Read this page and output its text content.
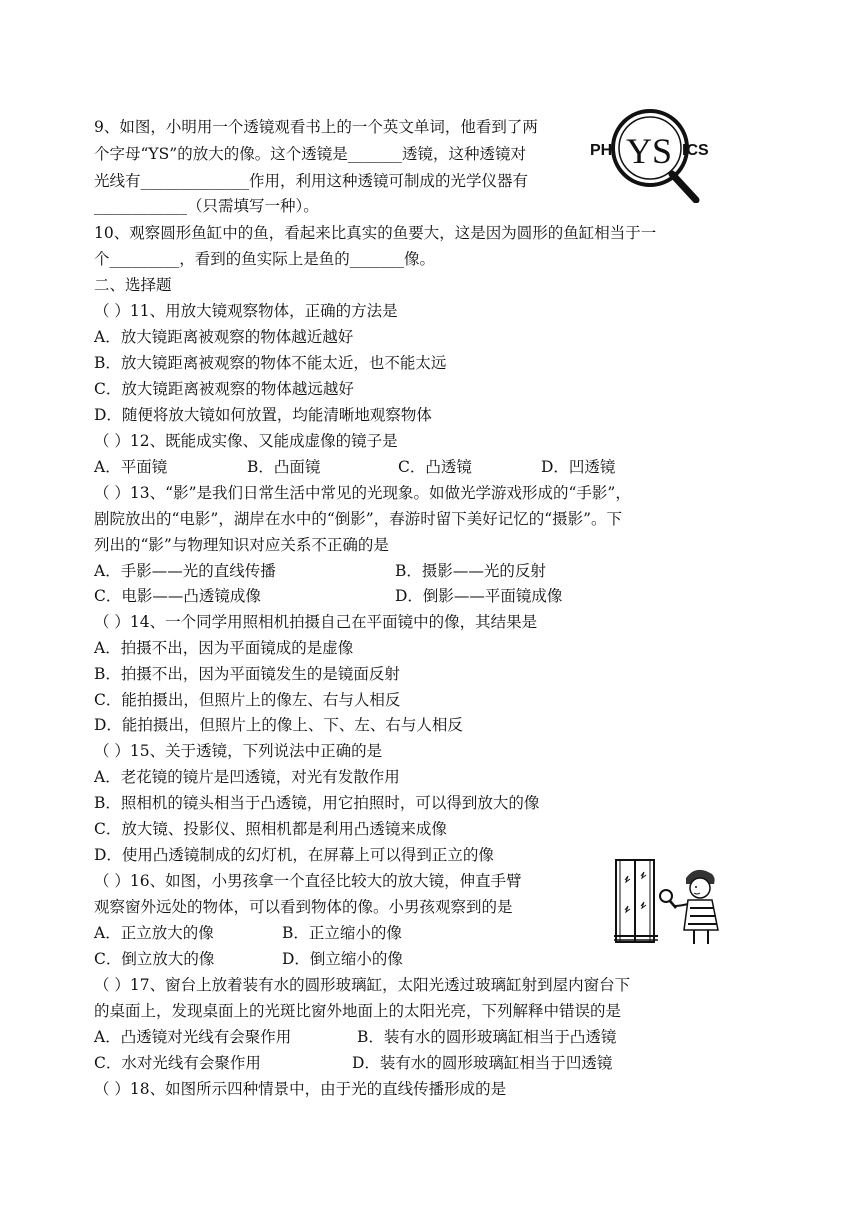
9、如图，小明用一个透镜观看书上的一个英文单词，他看到了两
个字母“YS”的放大的像。这个透镜是_______透镜，这种透镜对
光线有______________作用，利用这种透镜可制成的光学仪器有
____________（只需填写一种）。
PH YS ICS
10、观察圆形鱼缸中的鱼，看起来比真实的鱼要大，这是因为圆形的鱼缸相当于一
个_________，看到的鱼实际上是鱼的_______像。
二、选择题
（ ）11、用放大镜观察物体，正确的方法是
A．放大镜距离被观察的物体越近越好
B．放大镜距离被观察的物体不能太近，也不能太远
C．放大镜距离被观察的物体越远越好
D．随便将放大镜如何放置，均能清晰地观察物体
（ ）12、既能成实像、又能成虚像的镜子是
A．平面镜	B．凸面镜	C．凸透镜	D．凹透镜
（ ）13、“影”是我们日常生活中常见的光现象。如做光学游戏形成的“手影”，
剧院放出的“电影”，湖岸在水中的“倒影”，春游时留下美好记忆的“摄影”。下
列出的“影”与物理知识对应关系不正确的是
A．手影——光的直线传播	B．摄影——光的反射
C．电影——凸透镜成像	D．倒影——平面镜成像
（ ）14、一个同学用照相机拍摄自己在平面镜中的像，其结果是
A．拍摄不出，因为平面镜成的是虚像
B．拍摄不出，因为平面镜发生的是镜面反射
C．能拍摄出，但照片上的像左、右与人相反
D．能拍摄出，但照片上的像上、下、左、右与人相反
（ ）15、关于透镜，下列说法中正确的是
A．老花镜的镜片是凹透镜，对光有发散作用
B．照相机的镜头相当于凸透镜，用它拍照时，可以得到放大的像
C．放大镜、投影仪、照相机都是利用凸透镜来成像
D．使用凸透镜制成的幻灯机，在屏幕上可以得到正立的像
（ ）16、如图，小男孩拿一个直径比较大的放大镜，伸直手臂
观察窗外远处的物体，可以看到物体的像。小男孩观察到的是
A．正立放大的像	B．正立缩小的像
C．倒立放大的像	D．倒立缩小的像
（ ）17、窗台上放着装有水的圆形玻璃缸，太阳光透过玻璃缸射到屋内窗台下
的桌面上，发现桌面上的光斑比窗外地面上的太阳光亮，下列解释中错误的是
A．凸透镜对光线有会聚作用	B．装有水的圆形玻璃缸相当于凸透镜
C．水对光线有会聚作用	D．装有水的圆形玻璃缸相当于凹透镜
（ ）18、如图所示四种情景中，由于光的直线传播形成的是
